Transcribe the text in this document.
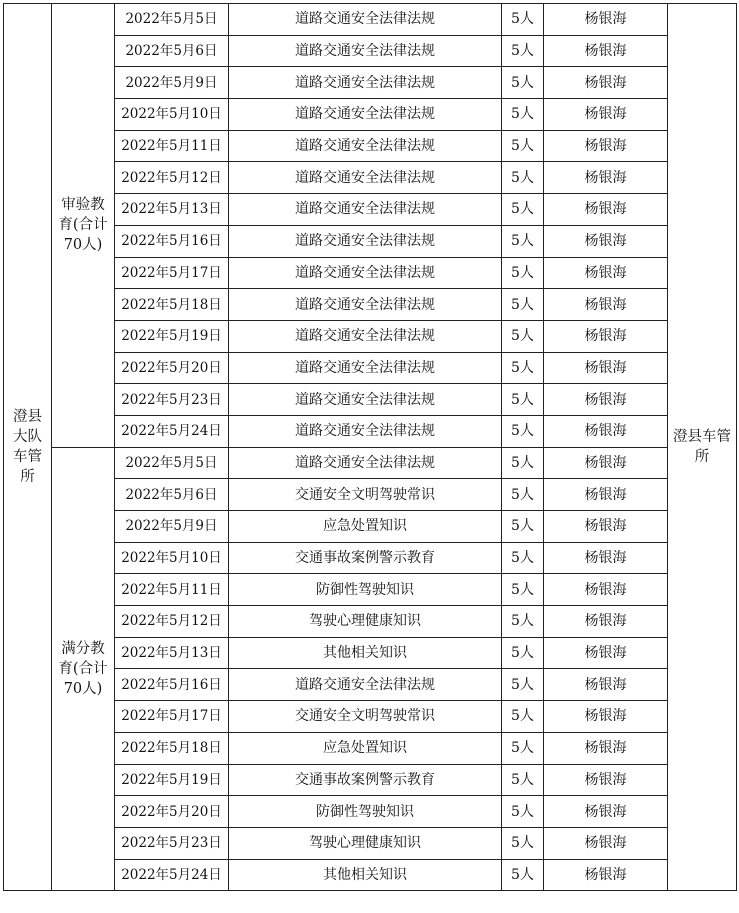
澄县大队车管所	审验教育(合计70人)	2022年5月5日	道路交通安全法律法规	5人	杨银海	澄县车管所
		2022年5月6日	道路交通安全法律法规	5人	杨银海	
		2022年5月9日	道路交通安全法律法规	5人	杨银海	
		2022年5月10日	道路交通安全法律法规	5人	杨银海	
		2022年5月11日	道路交通安全法律法规	5人	杨银海	
		2022年5月12日	道路交通安全法律法规	5人	杨银海	
		2022年5月13日	道路交通安全法律法规	5人	杨银海	
		2022年5月16日	道路交通安全法律法规	5人	杨银海	
		2022年5月17日	道路交通安全法律法规	5人	杨银海	
		2022年5月18日	道路交通安全法律法规	5人	杨银海	
		2022年5月19日	道路交通安全法律法规	5人	杨银海	
		2022年5月20日	道路交通安全法律法规	5人	杨银海	
		2022年5月23日	道路交通安全法律法规	5人	杨银海	
		2022年5月24日	道路交通安全法律法规	5人	杨银海	
	满分教育(合计70人)	2022年5月5日	道路交通安全法律法规	5人	杨银海	
		2022年5月6日	交通安全文明驾驶常识	5人	杨银海	
		2022年5月9日	应急处置知识	5人	杨银海	
		2022年5月10日	交通事故案例警示教育	5人	杨银海	
		2022年5月11日	防御性驾驶知识	5人	杨银海	
		2022年5月12日	驾驶心理健康知识	5人	杨银海	
		2022年5月13日	其他相关知识	5人	杨银海	
		2022年5月16日	道路交通安全法律法规	5人	杨银海	
		2022年5月17日	交通安全文明驾驶常识	5人	杨银海	
		2022年5月18日	应急处置知识	5人	杨银海	
		2022年5月19日	交通事故案例警示教育	5人	杨银海	
		2022年5月20日	防御性驾驶知识	5人	杨银海	
		2022年5月23日	驾驶心理健康知识	5人	杨银海	
		2022年5月24日	其他相关知识	5人	杨银海	
